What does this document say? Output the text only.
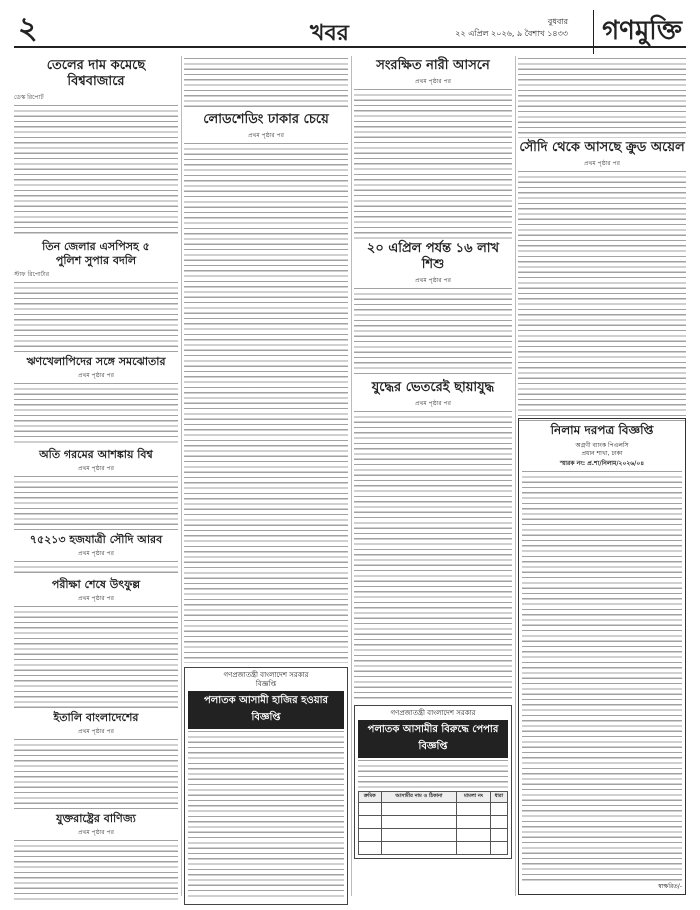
২	খবর	বুধবার
২২ এপ্রিল ২০২৬, ৯ বৈশাখ ১৪৩৩	গণমুক্তি
তেলের দাম কমেছে
বিশ্ববাজারে
ডেস্ক রিপোর্ট
তিন জেলার এসপিসহ ৫
পুলিশ সুপার বদলি
স্টাফ রিপোর্টার
ঋণখেলাপিদের সঙ্গে সমঝোতার
প্রথম পৃষ্ঠার পর
অতি গরমের আশঙ্কায় বিশ্ব
প্রথম পৃষ্ঠার পর
৭৫২১৩ হজযাত্রী সৌদি আরব
প্রথম পৃষ্ঠার পর
পরীক্ষা শেষে উৎফুল্ল
প্রথম পৃষ্ঠার পর
ইতালি বাংলাদেশের
প্রথম পৃষ্ঠার পর
যুক্তরাষ্ট্রের বাণিজ্য
প্রথম পৃষ্ঠার পর
লোডশেডিং ঢাকার চেয়ে
প্রথম পৃষ্ঠার পর
গণপ্রজাতন্ত্রী বাংলাদেশ সরকার
বিজ্ঞপ্তি
পলাতক আসামী হাজির হওয়ার বিজ্ঞপ্তি
সংরক্ষিত নারী আসনে
প্রথম পৃষ্ঠার পর
২০ এপ্রিল পর্যন্ত ১৬ লাখ শিশু
প্রথম পৃষ্ঠার পর
যুদ্ধের ভেতরেই ছায়াযুদ্ধ
প্রথম পৃষ্ঠার পর
গণপ্রজাতন্ত্রী বাংলাদেশ সরকার
পলাতক আসামীর বিরুদ্ধে পেপার বিজ্ঞপ্তি
ক্রমিক	আসামীর নাম ও ঠিকানা	মামলা নং	ধারা

সৌদি থেকে আসছে ক্রুড অয়েল
প্রথম পৃষ্ঠার পর
নিলাম দরপত্র বিজ্ঞপ্তি
অগ্রণী ব্যাংক পিএলসি
প্রধান শাখা, ঢাকা
স্মারক নং: প্র.শা/নিলাম/২০২৬/০৪
স্বাক্ষরিত/-
